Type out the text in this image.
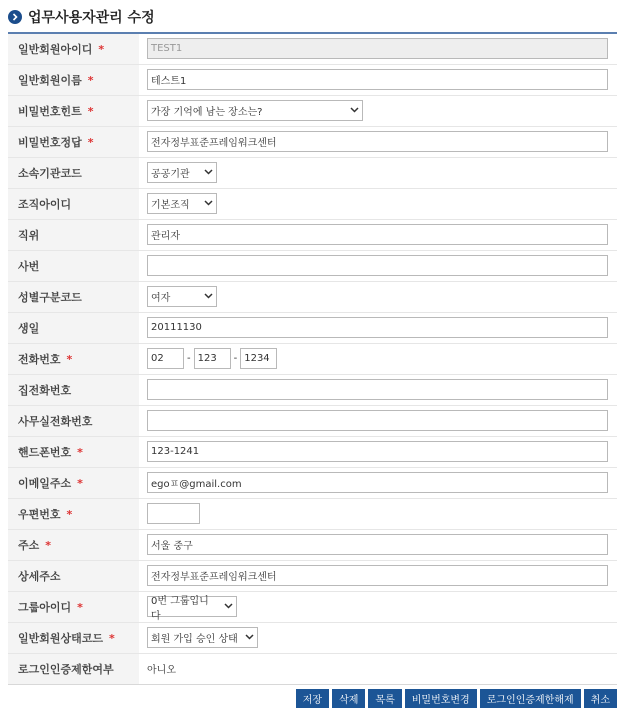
업무사용자관리 수정
일반회원아이디 *	TEST1
일반회원이름 *	테스트1
비밀번호힌트 *	가장 기억에 남는 장소는?

비밀번호정답 *	전자정부표준프레임워크센터
소속기관코드	공공기관

조직아이디	기본조직

직위	관리자
사번	
성별구분코드	여자

생일	20111130
전화번호 *	02 - 123 - 1234
집전화번호	
사무실전화번호	
핸드폰번호 *	123-1241
이메일주소 *	egoㅍ@gmail.com
우편번호 *	
주소 *	서울 중구
상세주소	전자정부표준프레임워크센터
그룹아이디 *	0번 그룹입니다

일반회원상태코드 *	회원 가입 승인 상태

로그인인증제한여부	아니오
저장	삭제	목록	비밀번호변경	로그인인증제한해제	취소
